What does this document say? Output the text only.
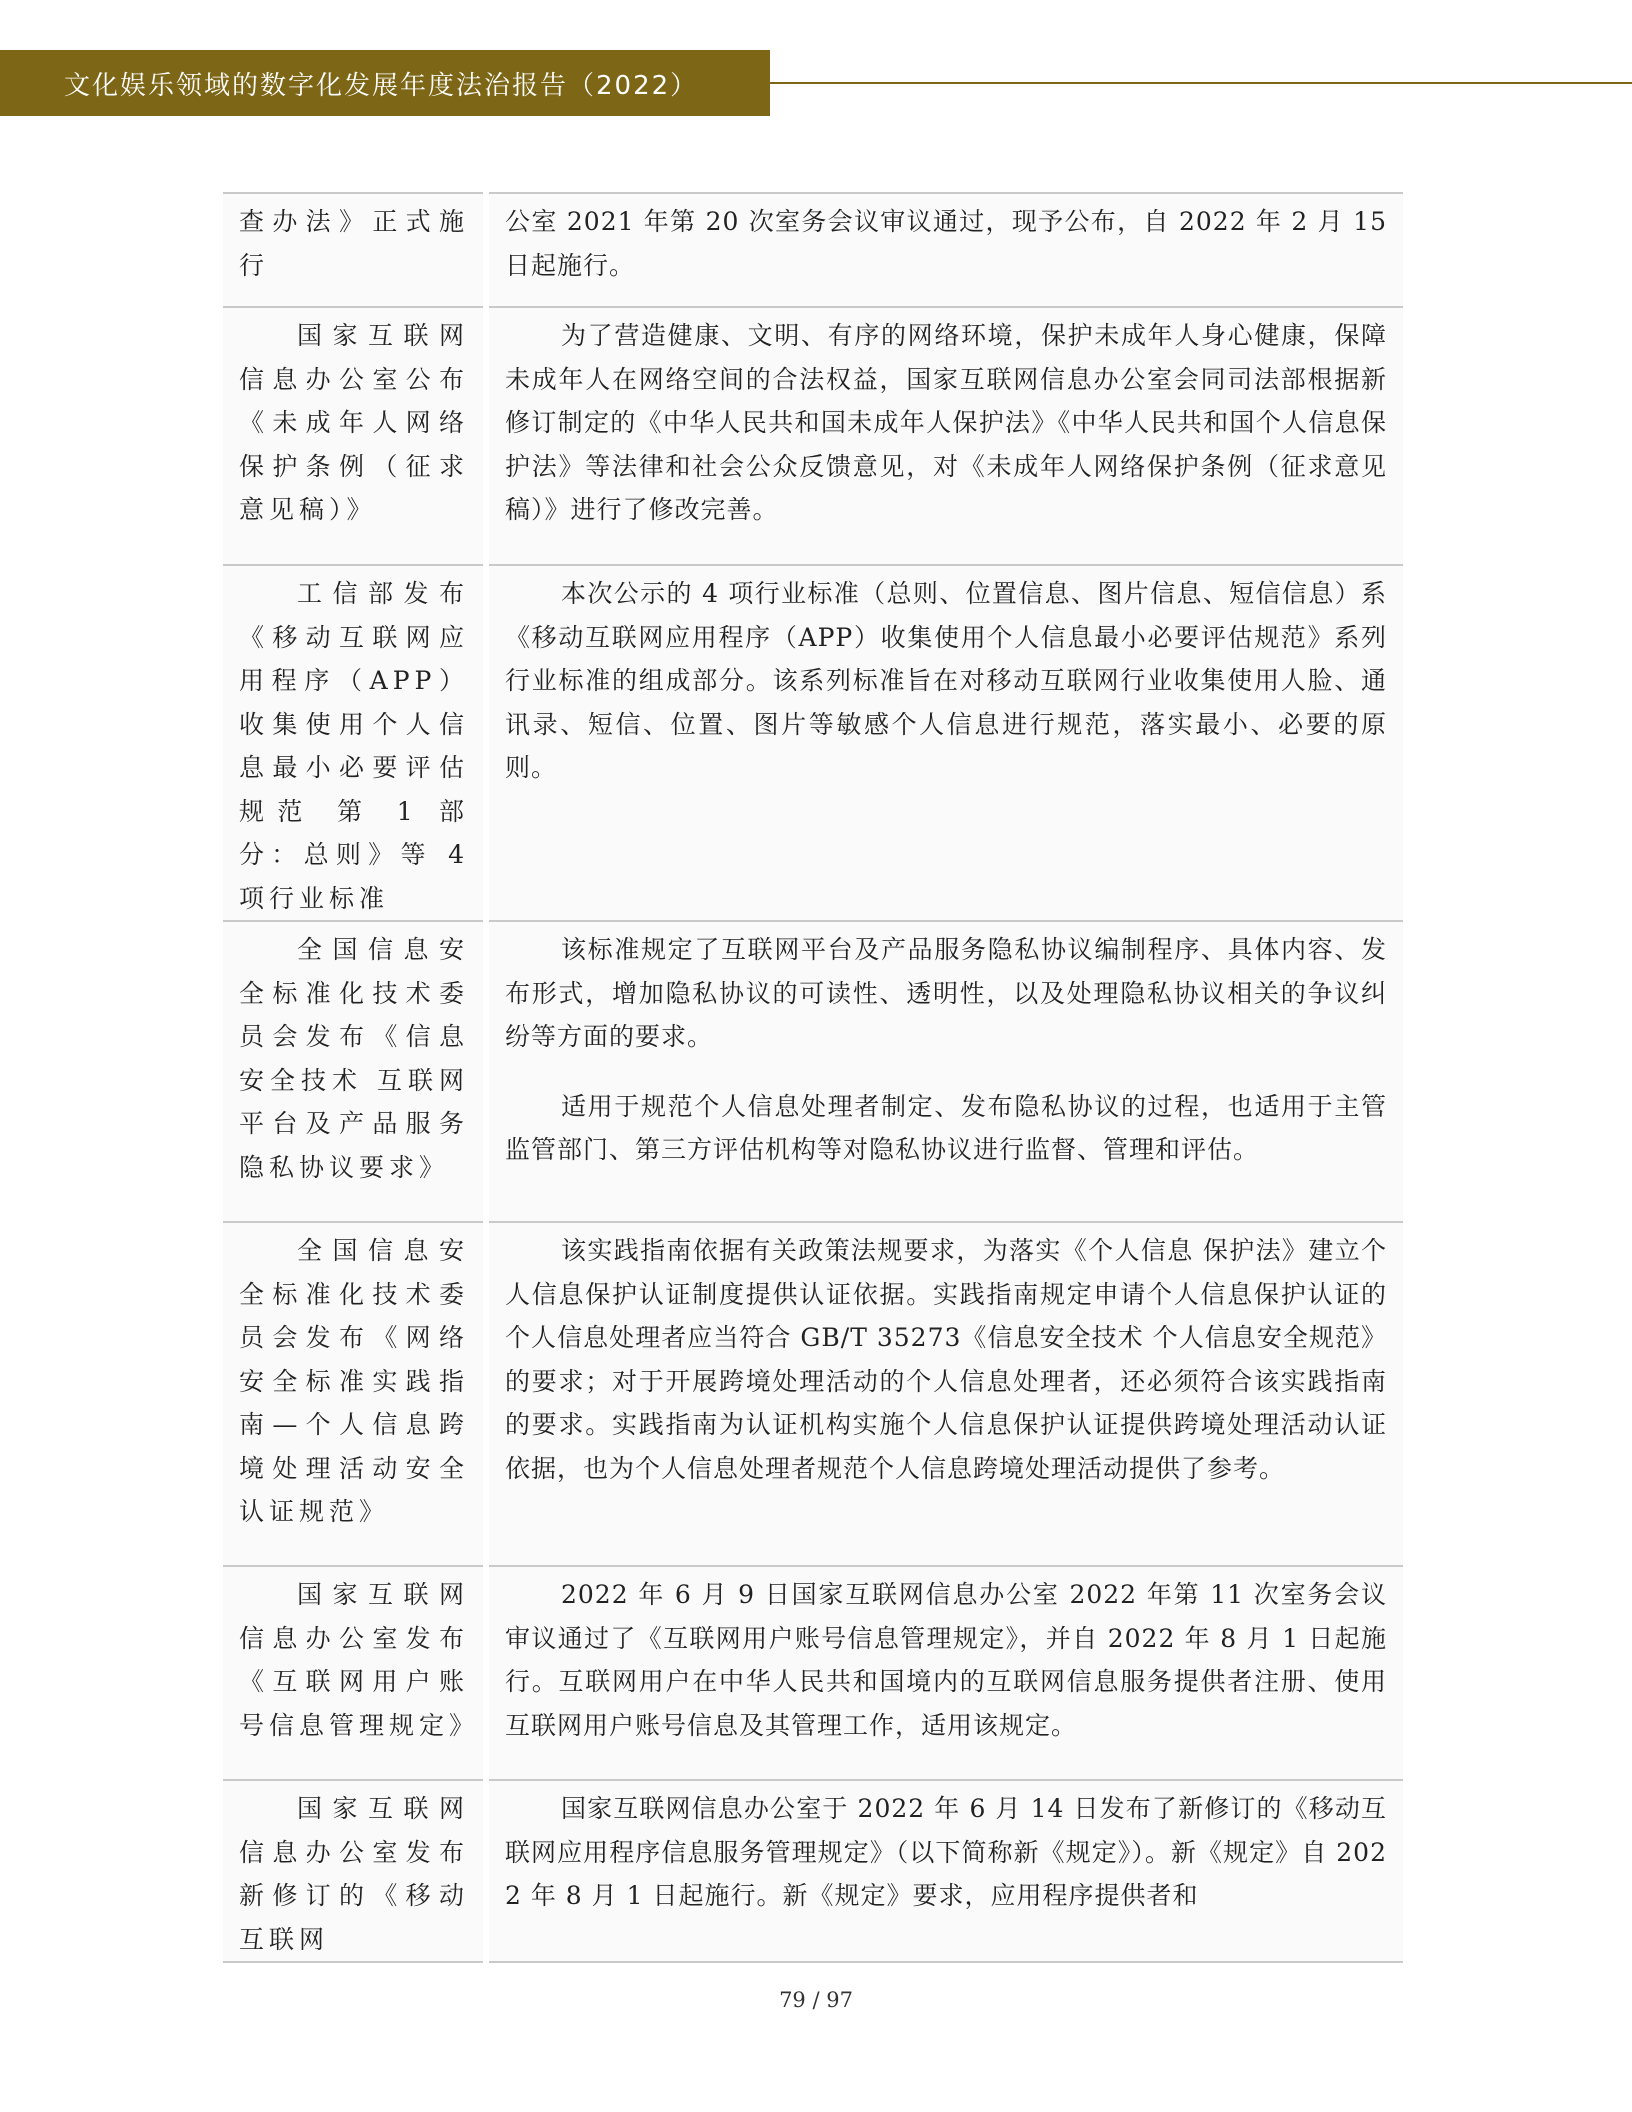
文化娱乐领域的数字化发展年度法治报告（2022）
查办法》正式施行	公室 2021 年第 20 次室务会议审议通过，现予公布，自 2022 年 2 月 15 日起施行。

国家互联网信息办公室公布《未成年人网络保护条例（征求意见稿）》	为了营造健康、文明、有序的网络环境，保护未成年人身心健康，保障未成年人在网络空间的合法权益，国家互联网信息办公室会同司法部根据新修订制定的《中华人民共和国未成年人保护法》《中华人民共和国个人信息保护法》等法律和社会公众反馈意见，对《未成年人网络保护条例（征求意见稿）》进行了修改完善。

工信部发布《移动互联网应用程序（APP）收集使用个人信息最小必要评估规范 第 1 部分：总则》等 4 项行业标准	本次公示的 4 项行业标准（总则、位置信息、图片信息、短信信息）系《移动互联网应用程序（APP）收集使用个人信息最小必要评估规范》系列行业标准的组成部分。该系列标准旨在对移动互联网行业收集使用人脸、通讯录、短信、位置、图片等敏感个人信息进行规范，落实最小、必要的原则。

全国信息安全标准化技术委员会发布《信息安全技术 互联网平台及产品服务隐私协议要求》	该标准规定了互联网平台及产品服务隐私协议编制程序、具体内容、发布形式，增加隐私协议的可读性、透明性，以及处理隐私协议相关的争议纠纷等方面的要求。
适用于规范个人信息处理者制定、发布隐私协议的过程，也适用于主管监管部门、第三方评估机构等对隐私协议进行监督、管理和评估。

全国信息安全标准化技术委员会发布《网络安全标准实践指南—个人信息跨境处理活动安全认证规范》	该实践指南依据有关政策法规要求，为落实《个人信息 保护法》建立个人信息保护认证制度提供认证依据。实践指南规定申请个人信息保护认证的个人信息处理者应当符合 GB/T 35273《信息安全技术 个人信息安全规范》的要求；对于开展跨境处理活动的个人信息处理者，还必须符合该实践指南的要求。实践指南为认证机构实施个人信息保护认证提供跨境处理活动认证依据，也为个人信息处理者规范个人信息跨境处理活动提供了参考。

国家互联网信息办公室发布《互联网用户账号信息管理规定》	2022 年 6 月 9 日国家互联网信息办公室 2022 年第 11 次室务会议审议通过了《互联网用户账号信息管理规定》，并自 2022 年 8 月 1 日起施行。互联网用户在中华人民共和国境内的互联网信息服务提供者注册、使用互联网用户账号信息及其管理工作，适用该规定。

国家互联网信息办公室发布新修订的《移动互联网	国家互联网信息办公室于 2022 年 6 月 14 日发布了新修订的《移动互联网应用程序信息服务管理规定》（以下简称新《规定》）。新《规定》自 2022 年 8 月 1 日起施行。新《规定》要求，应用程序提供者和
79 / 97
